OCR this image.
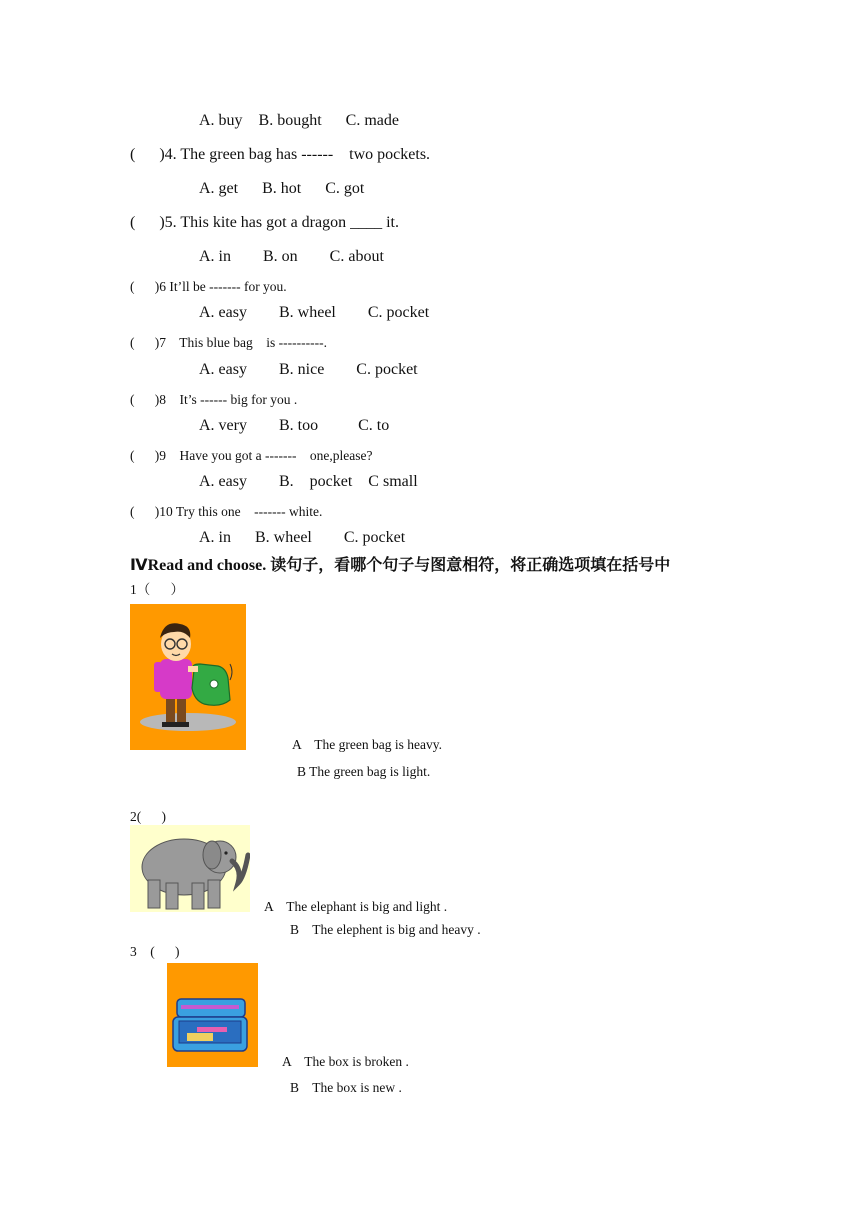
A. buy    B. bought      C. made
(      )4. The green bag has ------    two pockets.
A. get      B. hot      C. got
(      )5. This kite has got a dragon ____ it.
A. in        B. on        C. about
(      )6 It’ll be ------- for you.
A. easy        B. wheel        C. pocket
(      )7    This blue bag    is ----------.
A. easy        B. nice        C. pocket
(      )8    It’s ------ big for you .
A. very        B. too          C. to
(      )9    Have you got a -------    one,please?
A. easy        B.    pocket    C small
(      )10 Try this one    ------- white.
A. in      B. wheel        C. pocket
ⅣRead and choose. 读句子，看哪个句子与图意相符，将正确选项填在括号中
1（      ）
A    The green bag is heavy.
B The green bag is light.
2(      )
A    The elephant is big and light .
B    The elephent is big and heavy .
3    (      )
A    The box is broken .
B    The box is new .
